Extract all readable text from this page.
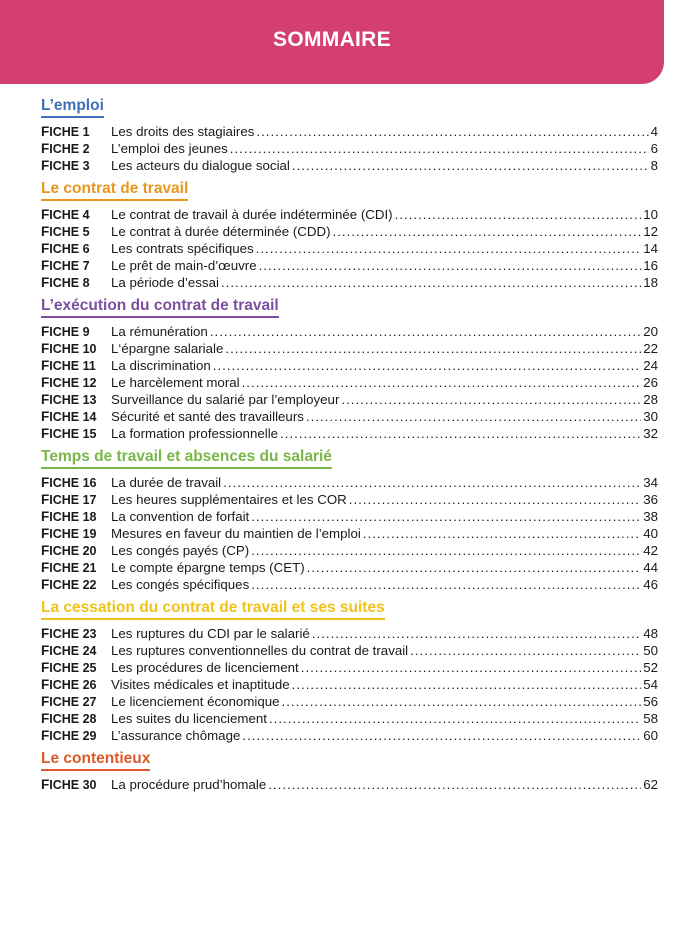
SOMMAIRE
L’emploi
FICHE 1	Les droits des stagiaires .....	4
FICHE 2	L’emploi des jeunes .....	6
FICHE 3	Les acteurs du dialogue social .....	8
Le contrat de travail
FICHE 4	Le contrat de travail à durée indéterminée (CDI) .....	10
FICHE 5	Le contrat à durée déterminée (CDD) .....	12
FICHE 6	Les contrats spécifiques .....	14
FICHE 7	Le prêt de main-d’œuvre .....	16
FICHE 8	La période d’essai .....	18
L’exécution du contrat de travail
FICHE 9	La rémunération .....	20
FICHE 10	L‘épargne salariale .....	22
FICHE 11	La discrimination .....	24
FICHE 12	Le harcèlement moral .....	26
FICHE 13	Surveillance du salarié par l’employeur .....	28
FICHE 14	Sécurité et santé des travailleurs .....	30
FICHE 15	La formation professionnelle .....	32
Temps de travail et absences du salarié
FICHE 16	La durée de travail .....	34
FICHE 17	Les heures supplémentaires et les COR .....	36
FICHE 18	La convention de forfait .....	38
FICHE 19	Mesures en faveur du maintien de l’emploi .....	40
FICHE 20	Les congés payés (CP) .....	42
FICHE 21	Le compte épargne temps (CET) .....	44
FICHE 22	Les congés spécifiques .....	46
La cessation du contrat de travail et ses suites
FICHE 23	Les ruptures du CDI par le salarié .....	48
FICHE 24	Les ruptures conventionnelles du contrat de travail .....	50
FICHE 25	Les procédures de licenciement .....	52
FICHE 26	Visites médicales et inaptitude .....	54
FICHE 27	Le licenciement économique .....	56
FICHE 28	Les suites du licenciement .....	58
FICHE 29	L’assurance chômage .....	60
Le contentieux
FICHE 30	La procédure prud’homale .....	62
